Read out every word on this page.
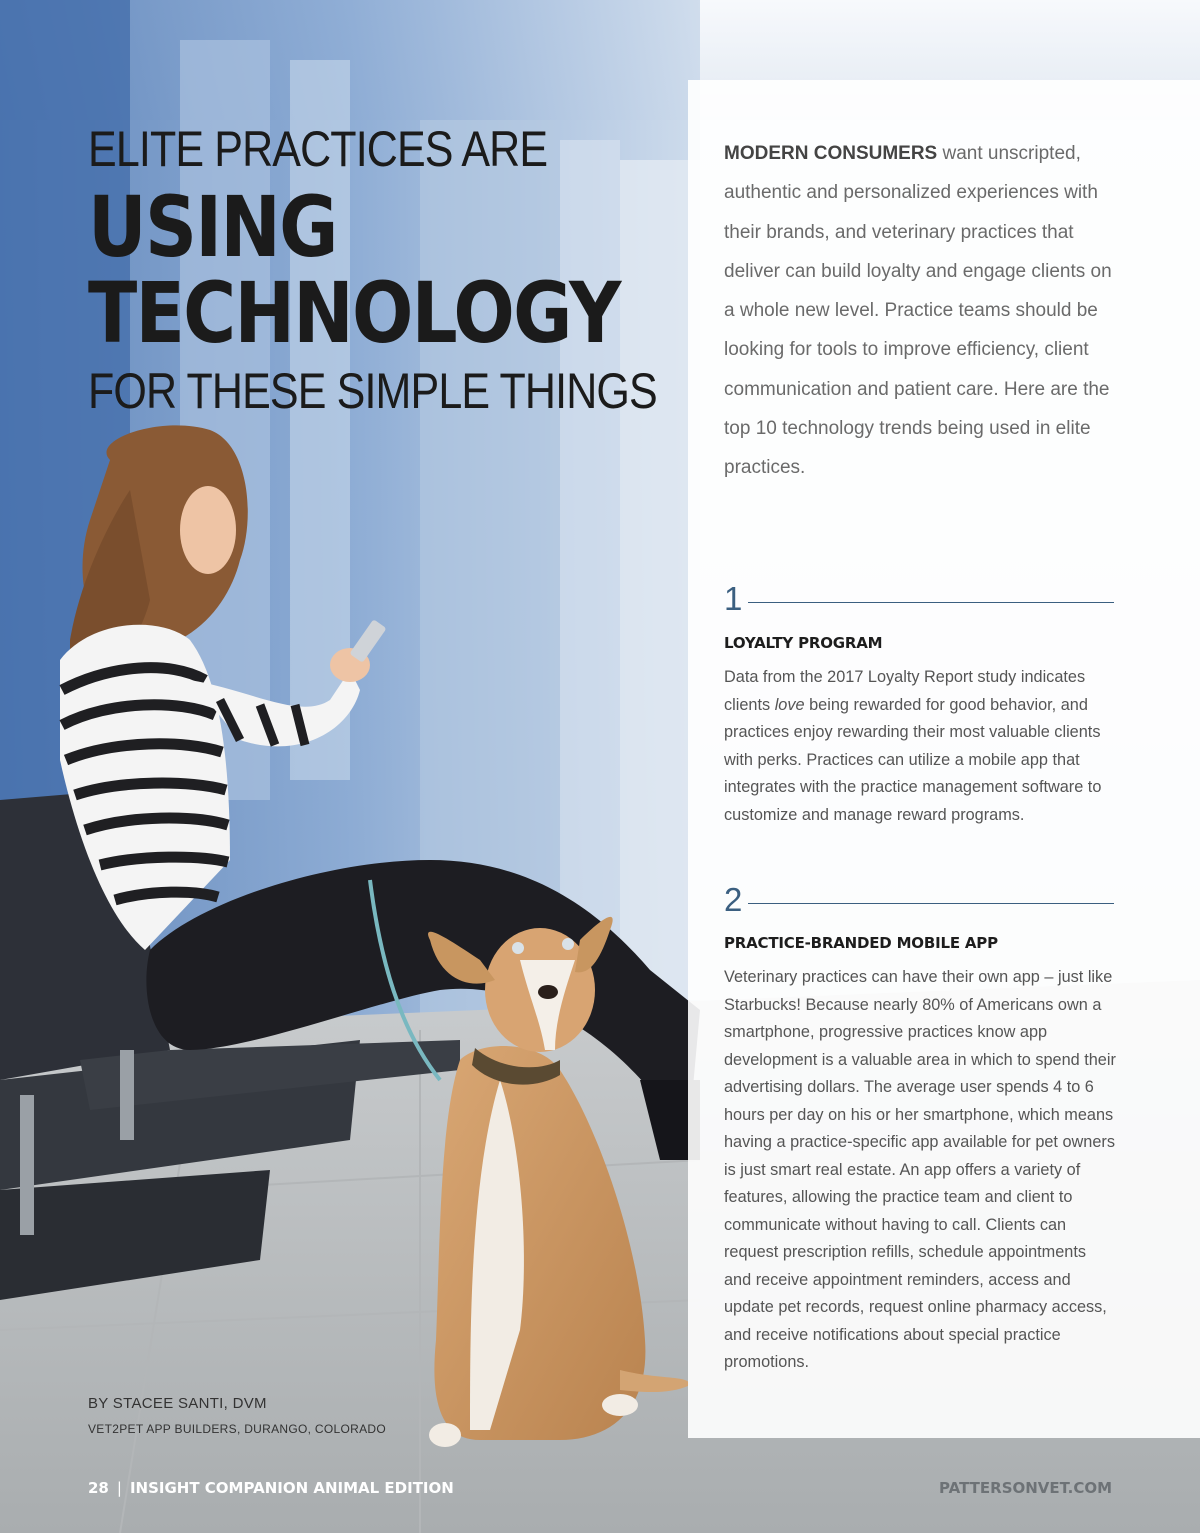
ELITE PRACTICES ARE
USING
TECHNOLOGY
FOR THESE SIMPLE THINGS
MODERN CONSUMERS want unscripted, authentic and personalized experiences with their brands, and veterinary practices that deliver can build loyalty and engage clients on a whole new level. Practice teams should be looking for tools to improve efficiency, client communication and patient care. Here are the top 10 technology trends being used in elite practices.
1
LOYALTY PROGRAM
Data from the 2017 Loyalty Report study indicates clients love being rewarded for good behavior, and practices enjoy rewarding their most valuable clients with perks. Practices can utilize a mobile app that integrates with the practice management software to customize and manage reward programs.
2
PRACTICE-BRANDED MOBILE APP
Veterinary practices can have their own app – just like Starbucks! Because nearly 80% of Americans own a smartphone, progressive practices know app development is a valuable area in which to spend their advertising dollars. The average user spends 4 to 6 hours per day on his or her smartphone, which means having a practice-specific app available for pet owners is just smart real estate. An app offers a variety of features, allowing the practice team and client to communicate without having to call. Clients can request prescription refills, schedule appointments and receive appointment reminders, access and update pet records, request online pharmacy access, and receive notifications about special practice promotions.
BY STACEE SANTI, DVM
VET2PET APP BUILDERS, DURANGO, COLORADO
28 | INSIGHT COMPANION ANIMAL EDITION	PATTERSONVET.COM
